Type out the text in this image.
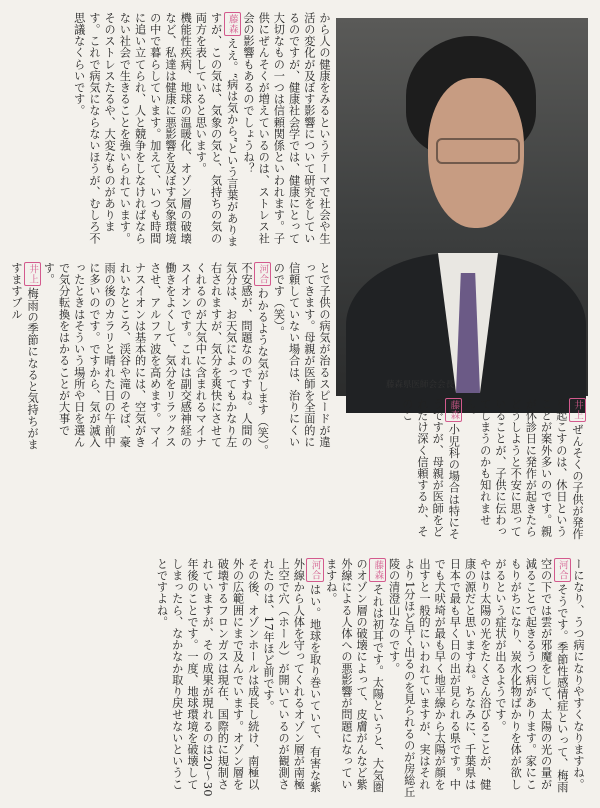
から人の健康をみるというテーマで社会や生活の変化が及ぼす影響について研究をしているのですが、健康社会学では、健康にとって大切なもの一つは信頼関係といわれます。子供にぜんそくが増えているのは、ストレス社会の影響もあるのでしょうね？

藤森ええ。“病は気から”という言葉がありますが、この気は、気象の気と、気持ちの気の両方を表していると思います。

機能性疾病、地球の温暖化、オゾン層の破壊など、私達は健康に悪影響を及ぼす気象環境の中で暮らしています。加えて、いつも時間に追い立てられ、人と競争をしなければならない社会で生きることを強いられています。そのストレスたるや、大変なものがあります。これで病気にならないほうが、むしろ不思議なくらいです。

藤森県医師会会長

とで子供の病気が治るスピードが違ってきます。母親が医師を全面的に信頼していない場合は、治りにくいのです（笑）。

河合わかるような気がします（笑）。不安感が、問題なのですね。人間の気分は、お天気によってもかなり左右されますが、気分を爽快にさせてくれるのが大気中に含まれるマイナスイオンです。これは副交感神経の働きをよくして、気分をリラックスさせ、アルファ波を高めます。マイナスイオンは基本的には、空気がきれいなところ、渓谷や滝のそば、豪雨の後のカラリと晴れた日の午前中に多いのです。ですから、気が滅入ったときはそういう場所や日を選んで気分転換をはかることが大事です。

井上梅雨の季節になると気持ちがますますブル

井上ぜんそくの子供が発作を起こすのは、休日ということが案外多いのです。親が休診日に発作が起きたらどうしようと不安に思っていることが、子供に伝わってしまうのかも知れません。

藤森小児科の場合は特にそうですが、母親が医師をどれだけ深く信頼するか、そのこ

ーになり、うつ病になりやすくなりますね。

河合そうです。季節性感情症といって、梅雨空の下では雲が邪魔をして、太陽の光の量が減ることで起きるうつ病があります。家にこもりがちになり、炭水化物ばかりを体が欲しがるという症状が出るようです。

やはり太陽の光をたくさん浴びることが、健康の源だと思いますね。ちなみに、千葉県は日本で最も早く日の出が見られる県です。中でも犬吠埼が最も早く地平線から太陽が顔を出すと一般的にいわれていますが、実はそれより1分ほど早く出るのを見られるのが房総丘陵の清澄山なのです。

藤森それは初耳です。太陽というと、大気圏のオゾン層の破壊によって、皮膚がんなど紫外線による人体への悪影響が問題になっていますね。

河合はい。地球を取り巻いていて、有害な紫外線から人体を守ってくれるオゾン層が南極上空で穴（ホール）が開いているのが観測されたのは、17年ほど前です。

その後、オゾンホールは成長し続け、南極以外の広範囲にまで及んでいます。オゾン層を破壊するフロンガスは現在、国際的に規制されていますが、その成果が現れるのは20〜30年後のことです。一度、地球環境を破壊してしまったら、なかなか取り戻せないということですよね。
